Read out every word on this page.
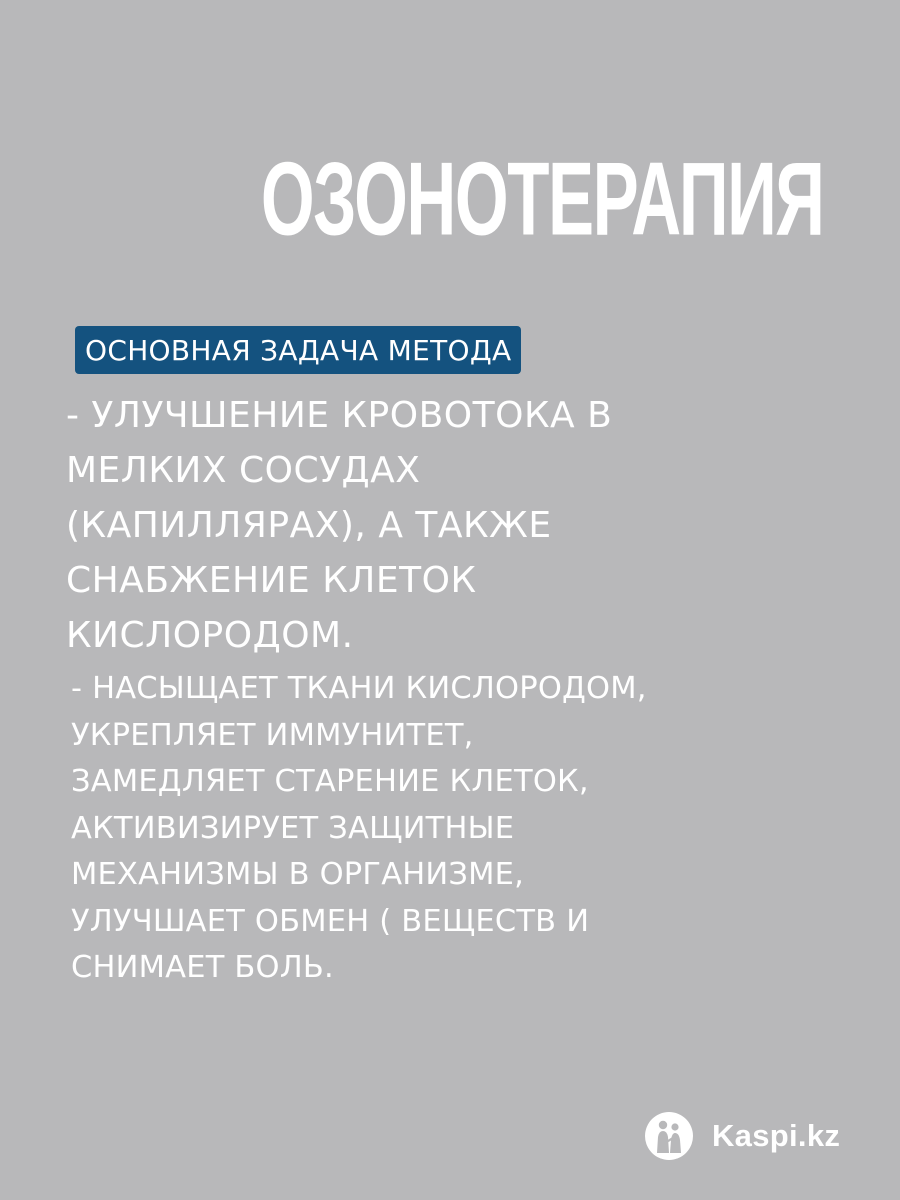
ОЗОНОТЕРАПИЯ
ОСНОВНАЯ ЗАДАЧА МЕТОДА
- УЛУЧШЕНИЕ КРОВОТОКА В
МЕЛКИХ СОСУДАХ
(КАПИЛЛЯРАХ), А ТАКЖЕ
СНАБЖЕНИЕ КЛЕТОК
КИСЛОРОДОМ.
- НАСЫЩАЕТ ТКАНИ КИСЛОРОДОМ,
УКРЕПЛЯЕТ ИММУНИТЕТ,
ЗАМЕДЛЯЕТ СТАРЕНИЕ КЛЕТОК,
АКТИВИЗИРУЕТ ЗАЩИТНЫЕ
МЕХАНИЗМЫ В ОРГАНИЗМЕ,
УЛУЧШАЕТ ОБМЕН ( ВЕЩЕСТВ И
СНИМАЕТ БОЛЬ.
Kaspi.kz
